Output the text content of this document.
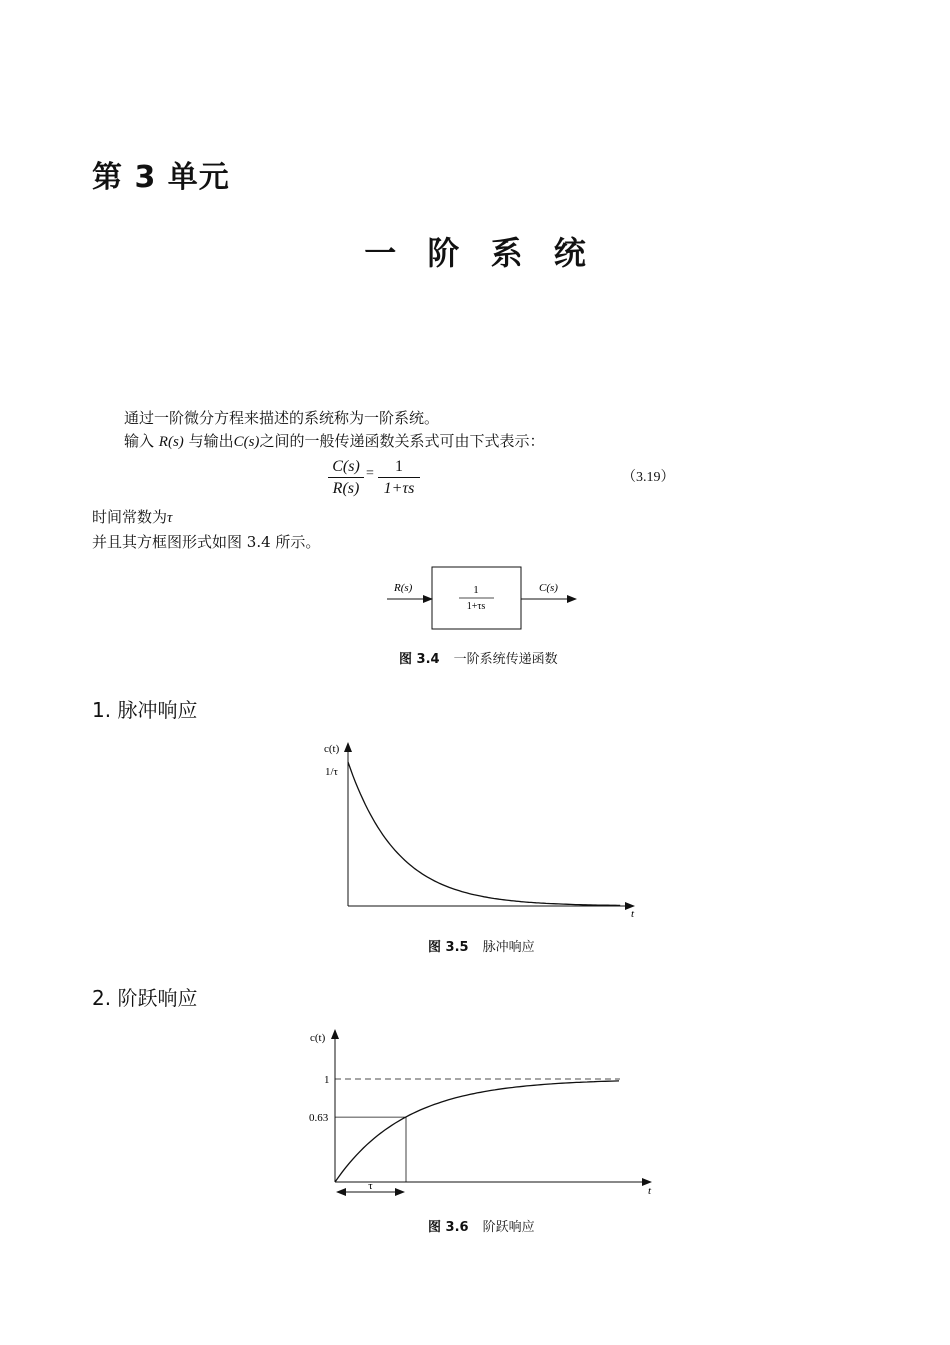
第 3 单元
一 阶 系 统
通过一阶微分方程来描述的系统称为一阶系统。
输入 R(s) 与输出C(s)之间的一般传递函数关系式可由下式表示：
C(s)
R(s)
=	1
1+τs
（3.19）
时间常数为τ
并且其方框图形式如图 3.4 所示。
1. 脉冲响应
2. 阶跃响应
图 3.4 一阶系统传递函数
图 3.5 脉冲响应
图 3.6 阶跃响应
R(s)	1
1+τs
C(s)
c(t)
1/τ
t
c(t)
t
1
0.63
τ
